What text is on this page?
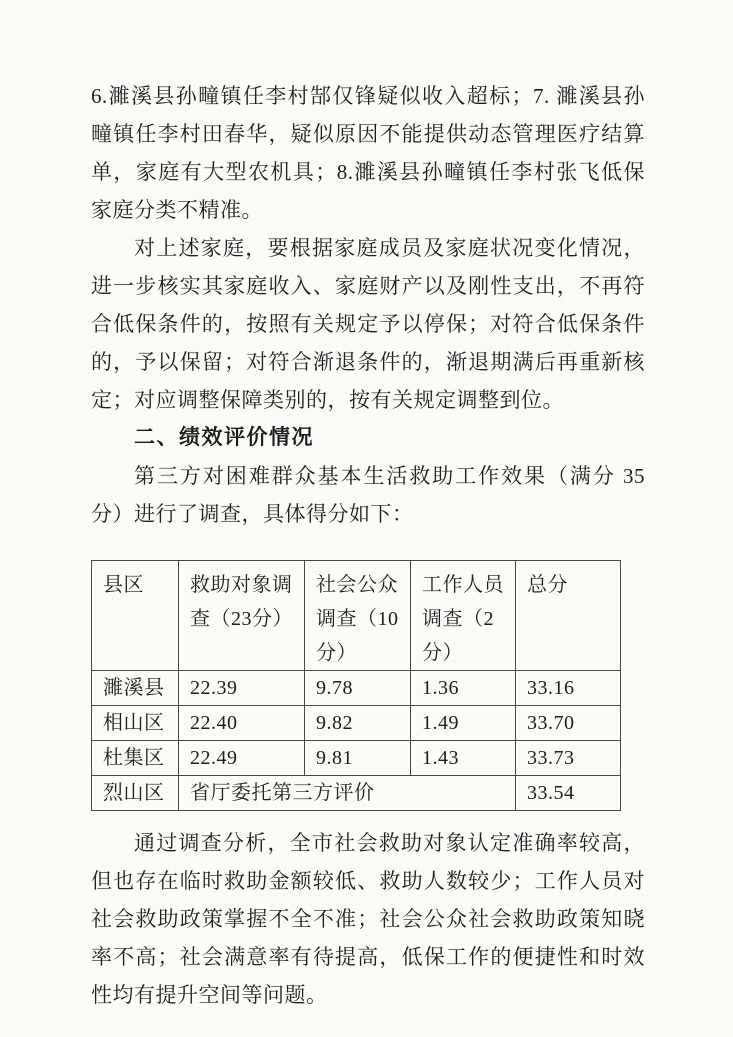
6.濉溪县孙疃镇任李村郜仅锋疑似收入超标；7. 濉溪县孙疃镇任李村田春华，疑似原因不能提供动态管理医疗结算单，家庭有大型农机具；8.濉溪县孙疃镇任李村张飞低保家庭分类不精准。

对上述家庭，要根据家庭成员及家庭状况变化情况，进一步核实其家庭收入、家庭财产以及刚性支出，不再符合低保条件的，按照有关规定予以停保；对符合低保条件的，予以保留；对符合渐退条件的，渐退期满后再重新核定；对应调整保障类别的，按有关规定调整到位。

二、绩效评价情况

第三方对困难群众基本生活救助工作效果（满分 35 分）进行了调查，具体得分如下：

县区	救助对象调查（23分）	社会公众调查（10分）	工作人员调查（2分）	总分
濉溪县	22.39	9.78	1.36	33.16
相山区	22.40	9.82	1.49	33.70
杜集区	22.49	9.81	1.43	33.73
烈山区	省厅委托第三方评价			33.54

通过调查分析，全市社会救助对象认定准确率较高，但也存在临时救助金额较低、救助人数较少；工作人员对社会救助政策掌握不全不准；社会公众社会救助政策知晓率不高；社会满意率有待提高，低保工作的便捷性和时效性均有提升空间等问题。
